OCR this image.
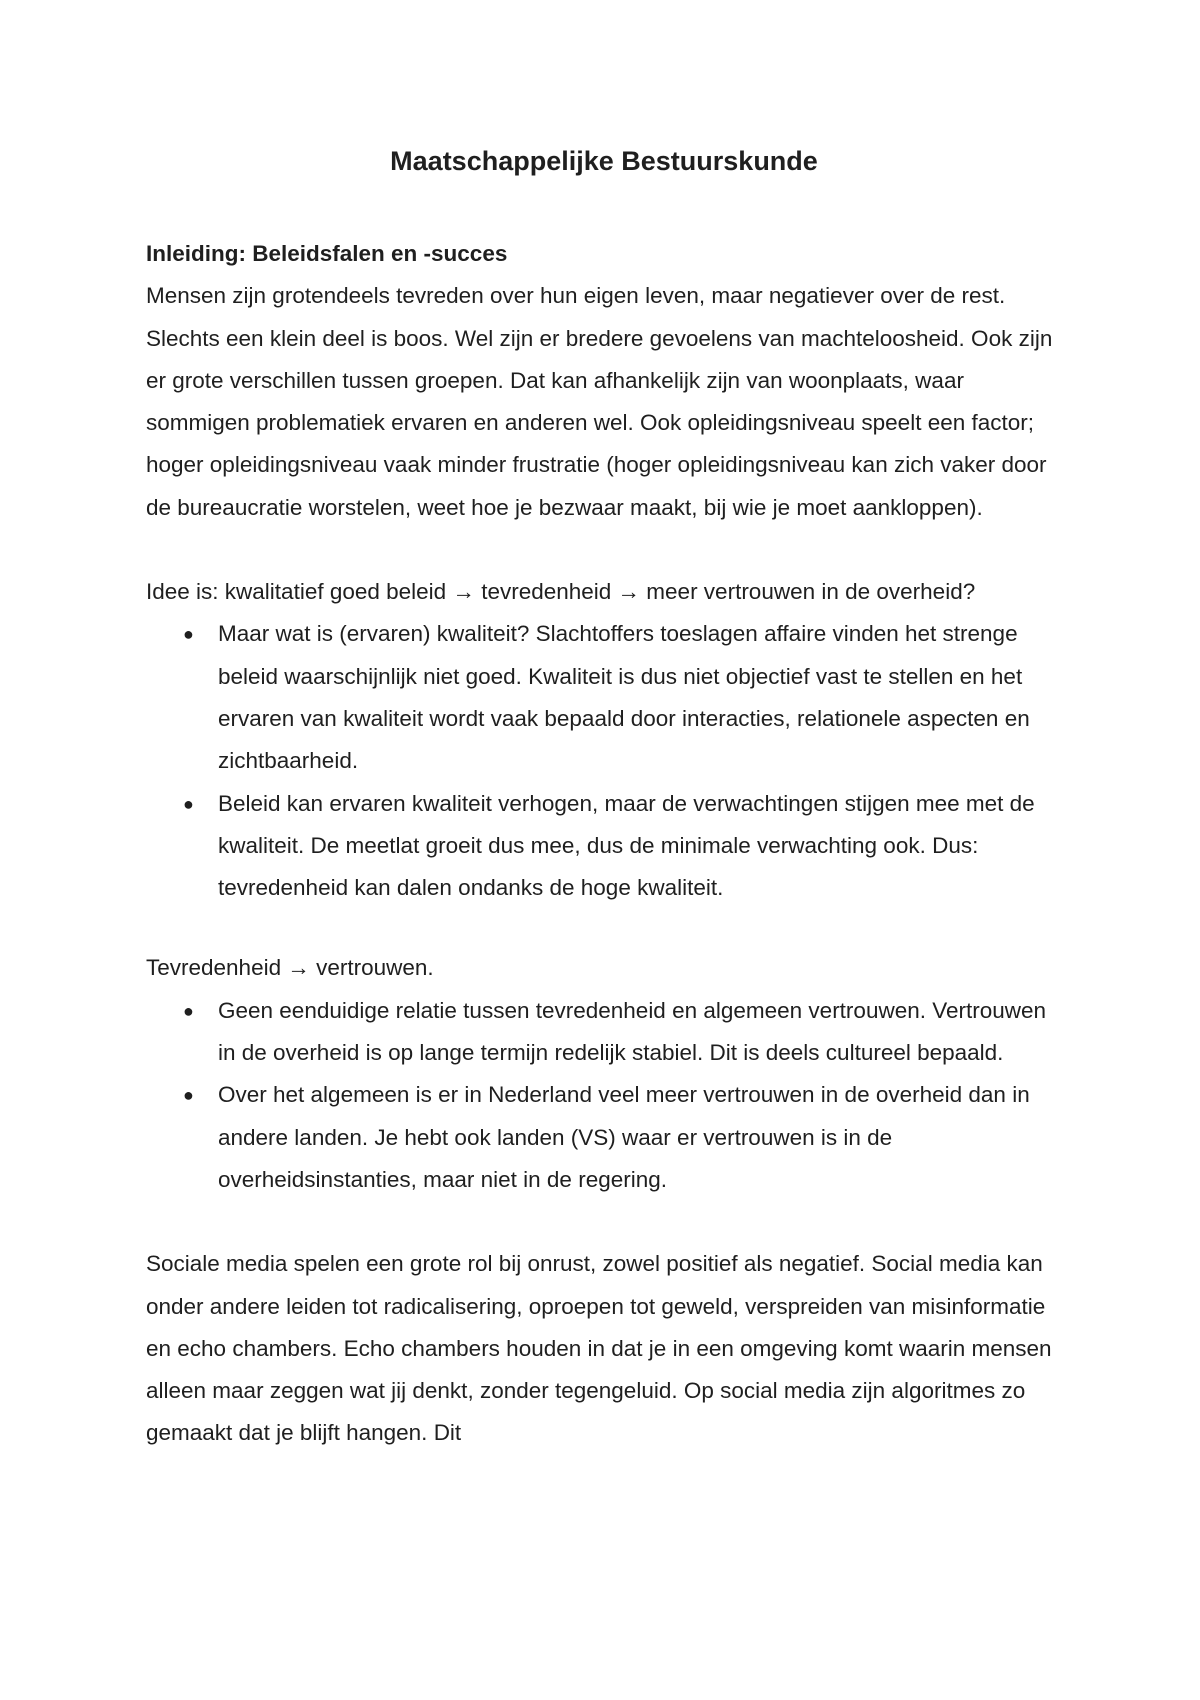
Maatschappelijke Bestuurskunde

Inleiding: Beleidsfalen en -succes

Mensen zijn grotendeels tevreden over hun eigen leven, maar negatiever over de rest. Slechts een klein deel is boos. Wel zijn er bredere gevoelens van machteloosheid. Ook zijn er grote verschillen tussen groepen. Dat kan afhankelijk zijn van woonplaats, waar sommigen problematiek ervaren en anderen wel. Ook opleidingsniveau speelt een factor; hoger opleidingsniveau vaak minder frustratie (hoger opleidingsniveau kan zich vaker door de bureaucratie worstelen, weet hoe je bezwaar maakt, bij wie je moet aankloppen).

Idee is: kwalitatief goed beleid → tevredenheid → meer vertrouwen in de overheid?

● Maar wat is (ervaren) kwaliteit? Slachtoffers toeslagen affaire vinden het strenge beleid waarschijnlijk niet goed. Kwaliteit is dus niet objectief vast te stellen en het ervaren van kwaliteit wordt vaak bepaald door interacties, relationele aspecten en zichtbaarheid.
● Beleid kan ervaren kwaliteit verhogen, maar de verwachtingen stijgen mee met de kwaliteit. De meetlat groeit dus mee, dus de minimale verwachting ook. Dus: tevredenheid kan dalen ondanks de hoge kwaliteit.

Tevredenheid → vertrouwen.

● Geen eenduidige relatie tussen tevredenheid en algemeen vertrouwen. Vertrouwen in de overheid is op lange termijn redelijk stabiel. Dit is deels cultureel bepaald.
● Over het algemeen is er in Nederland veel meer vertrouwen in de overheid dan in andere landen. Je hebt ook landen (VS) waar er vertrouwen is in de overheidsinstanties, maar niet in de regering.

Sociale media spelen een grote rol bij onrust, zowel positief als negatief. Social media kan onder andere leiden tot radicalisering, oproepen tot geweld, verspreiden van misinformatie en echo chambers. Echo chambers houden in dat je in een omgeving komt waarin mensen alleen maar zeggen wat jij denkt, zonder tegengeluid. Op social media zijn algoritmes zo gemaakt dat je blijft hangen. Dit
